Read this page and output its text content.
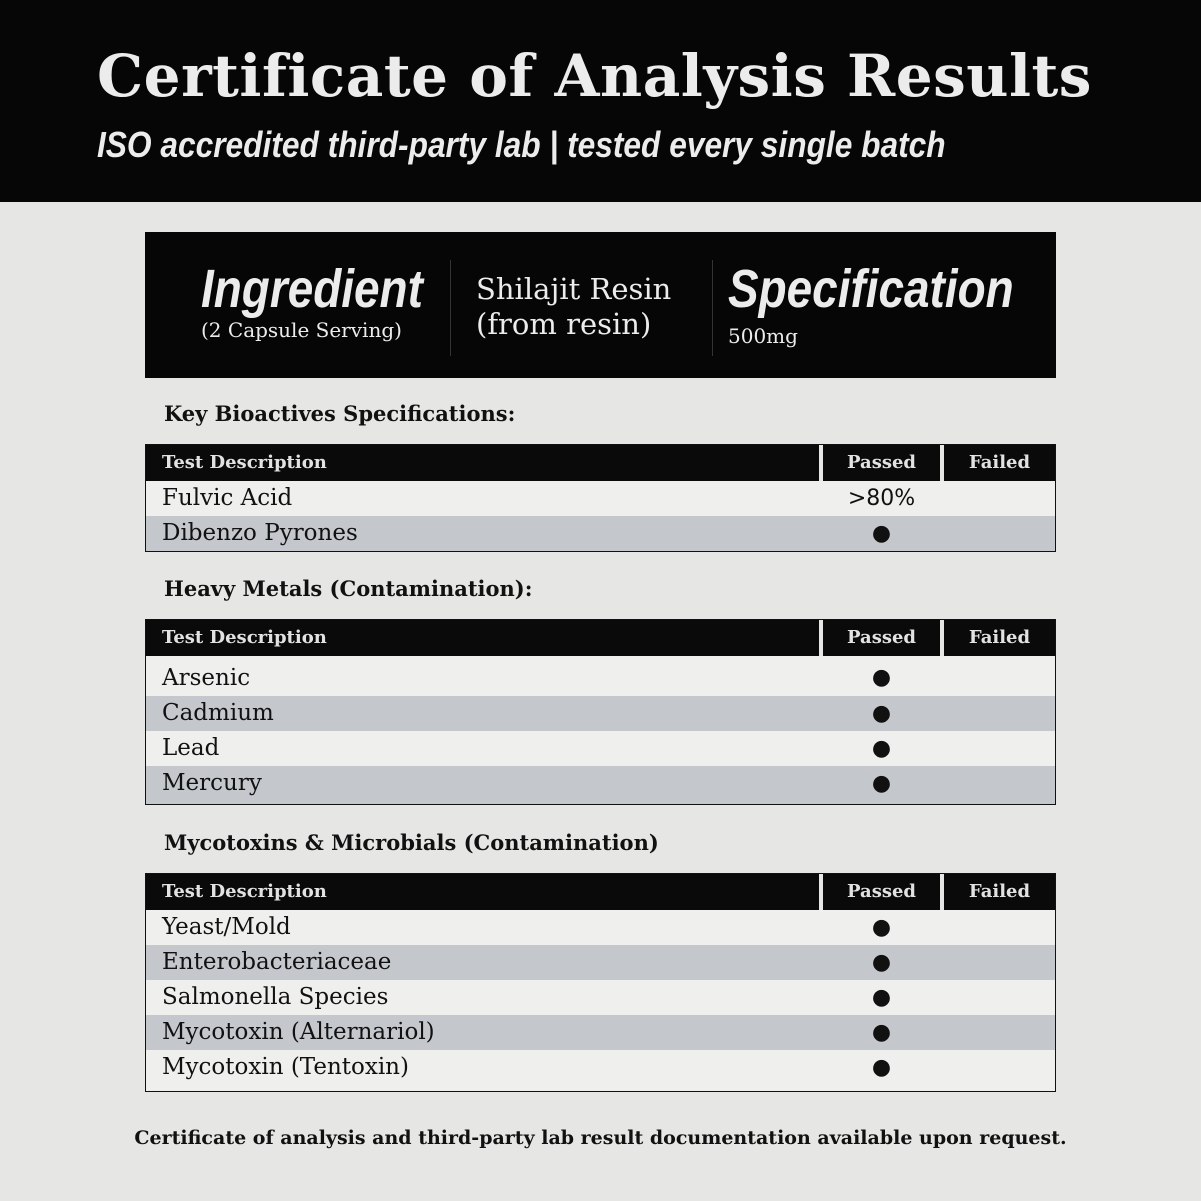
Certificate of Analysis Results
ISO accredited third-party lab | tested every single batch
Ingredient
(2 Capsule Serving)
Shilajit Resin
(from resin)
Specification
500mg
Key Bioactives Specifications:
Test Description	Passed	Failed
Fulvic Acid	>80%
Dibenzo Pyrones	●
Heavy Metals (Contamination):
Test Description	Passed	Failed
Arsenic	●
Cadmium	●
Lead	●
Mercury	●
Mycotoxins & Microbials (Contamination)
Test Description	Passed	Failed
Yeast/Mold	●
Enterobacteriaceae	●
Salmonella Species	●
Mycotoxin (Alternariol)	●
Mycotoxin (Tentoxin)	●
Certificate of analysis and third-party lab result documentation available upon request.
